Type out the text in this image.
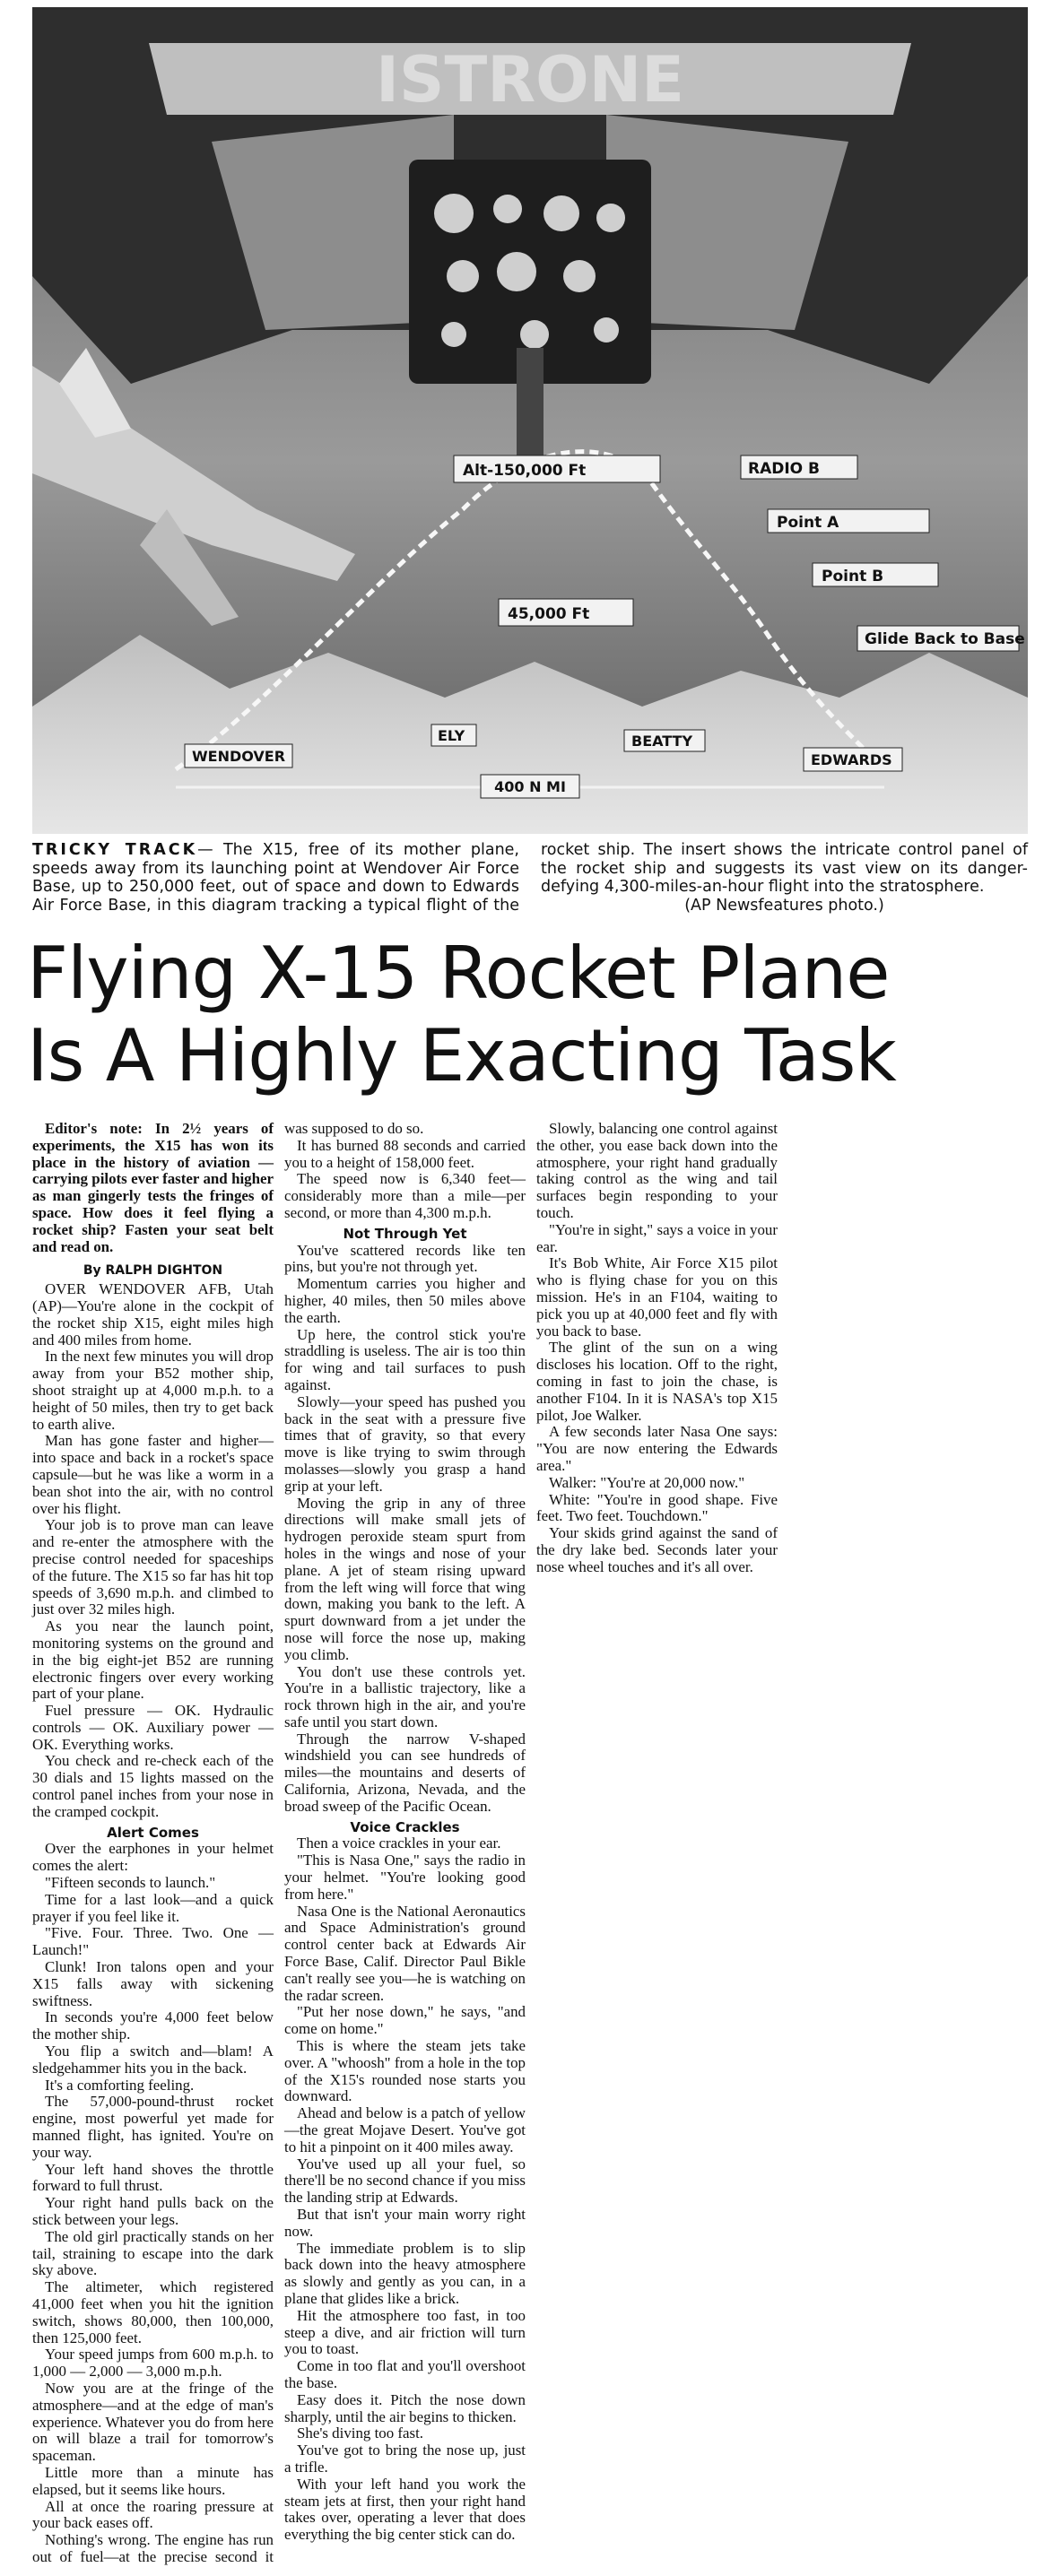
ISTRONE
Alt-150,000 Ft	RADIO B
Point A
Point B
45,000 Ft
Glide Back to Base
WENDOVER
ELY	BEATTY
EDWARDS
400 N MI
TRICKY TRACK— The X15, free of its mother plane, speeds away from its launching point at Wendover Air Force Base, up to 250,000 feet, out of space and down to Edwards Air Force Base, in this diagram tracking a typical flight of the rocket ship. The insert shows the intricate control panel of the rocket ship and suggests its vast view on its danger-defying 4,300-miles-an-hour flight into the stratosphere.
(AP Newsfeatures photo.)
Flying X-15 Rocket Plane
Is A Highly Exacting Task

Editor's note: In 2½ years of experiments, the X15 has won its place in the history of aviation — carrying pilots ever faster and higher as man gingerly tests the fringes of space. How does it feel flying a rocket ship? Fasten your seat belt and read on.

By RALPH DIGHTON

OVER WENDOVER AFB, Utah (AP)—You're alone in the cockpit of the rocket ship X15, eight miles high and 400 miles from home.

In the next few minutes you will drop away from your B52 mother ship, shoot straight up at 4,000 m.p.h. to a height of 50 miles, then try to get back to earth alive.

Man has gone faster and higher—into space and back in a rocket's space capsule—but he was like a worm in a bean shot into the air, with no control over his flight.

Your job is to prove man can leave and re-enter the atmosphere with the precise control needed for spaceships of the future. The X15 so far has hit top speeds of 3,690 m.p.h. and climbed to just over 32 miles high.

As you near the launch point, monitoring systems on the ground and in the big eight-jet B52 are running electronic fingers over every working part of your plane.

Fuel pressure — OK. Hydraulic controls — OK. Auxiliary power — OK. Everything works.

You check and re-check each of the 30 dials and 15 lights massed on the control panel inches from your nose in the cramped cockpit.

Alert Comes

Over the earphones in your helmet comes the alert:

"Fifteen seconds to launch."

Time for a last look—and a quick prayer if you feel like it.

"Five. Four. Three. Two. One — Launch!"

Clunk! Iron talons open and your X15 falls away with sickening swiftness.

In seconds you're 4,000 feet below the mother ship.

You flip a switch and—blam! A sledgehammer hits you in the back.

It's a comforting feeling.

The 57,000-pound-thrust rocket engine, most powerful yet made for manned flight, has ignited. You're on your way.

Your left hand shoves the throttle forward to full thrust.

Your right hand pulls back on the stick between your legs.

The old girl practically stands on her tail, straining to escape into the dark sky above.

The altimeter, which registered 41,000 feet when you hit the ignition switch, shows 80,000, then 100,000, then 125,000 feet.

Your speed jumps from 600 m.p.h. to 1,000 — 2,000 — 3,000 m.p.h.

Now you are at the fringe of the atmosphere—and at the edge of man's experience. Whatever you do from here on will blaze a trail for tomorrow's spaceman.

Little more than a minute has elapsed, but it seems like hours.

All at once the roaring pressure at your back eases off.

Nothing's wrong. The engine has run out of fuel—at the precise second it was supposed to do so.

It has burned 88 seconds and carried you to a height of 158,000 feet.

The speed now is 6,340 feet—considerably more than a mile—per second, or more than 4,300 m.p.h.

Not Through Yet

You've scattered records like ten pins, but you're not through yet.

Momentum carries you higher and higher, 40 miles, then 50 miles above the earth.

Up here, the control stick you're straddling is useless. The air is too thin for wing and tail surfaces to push against.

Slowly—your speed has pushed you back in the seat with a pressure five times that of gravity, so that every move is like trying to swim through molasses—slowly you grasp a hand grip at your left.

Moving the grip in any of three directions will make small jets of hydrogen peroxide steam spurt from holes in the wings and nose of your plane. A jet of steam rising upward from the left wing will force that wing down, making you bank to the left. A spurt downward from a jet under the nose will force the nose up, making you climb.

You don't use these controls yet. You're in a ballistic trajectory, like a rock thrown high in the air, and you're safe until you start down.

Through the narrow V-shaped windshield you can see hundreds of miles—the mountains and deserts of California, Arizona, Nevada, and the broad sweep of the Pacific Ocean.

Voice Crackles

Then a voice crackles in your ear.

"This is Nasa One," says the radio in your helmet. "You're looking good from here."

Nasa One is the National Aeronautics and Space Administration's ground control center back at Edwards Air Force Base, Calif. Director Paul Bikle can't really see you—he is watching on the radar screen.

"Put her nose down," he says, "and come on home."

This is where the steam jets take over. A "whoosh" from a hole in the top of the X15's rounded nose starts you downward.

Ahead and below is a patch of yellow—the great Mojave Desert. You've got to hit a pinpoint on it 400 miles away.

You've used up all your fuel, so there'll be no second chance if you miss the landing strip at Edwards.

But that isn't your main worry right now.

The immediate problem is to slip back down into the heavy atmosphere as slowly and gently as you can, in a plane that glides like a brick.

Hit the atmosphere too fast, in too steep a dive, and air friction will turn you to toast.

Come in too flat and you'll overshoot the base.

Easy does it. Pitch the nose down sharply, until the air begins to thicken.

She's diving too fast.

You've got to bring the nose up, just a trifle.

With your left hand you work the steam jets at first, then your right hand takes over, operating a lever that does everything the big center stick can do.

Slowly, balancing one control against the other, you ease back down into the atmosphere, your right hand gradually taking control as the wing and tail surfaces begin responding to your touch.

"You're in sight," says a voice in your ear.

It's Bob White, Air Force X15 pilot who is flying chase for you on this mission. He's in an F104, waiting to pick you up at 40,000 feet and fly with you back to base.

The glint of the sun on a wing discloses his location. Off to the right, coming in fast to join the chase, is another F104. In it is NASA's top X15 pilot, Joe Walker.

A few seconds later Nasa One says: "You are now entering the Edwards area."

Walker: "You're at 20,000 now."

White: "You're in good shape. Five feet. Two feet. Touchdown."

Your skids grind against the sand of the dry lake bed. Seconds later your nose wheel touches and it's all over.
